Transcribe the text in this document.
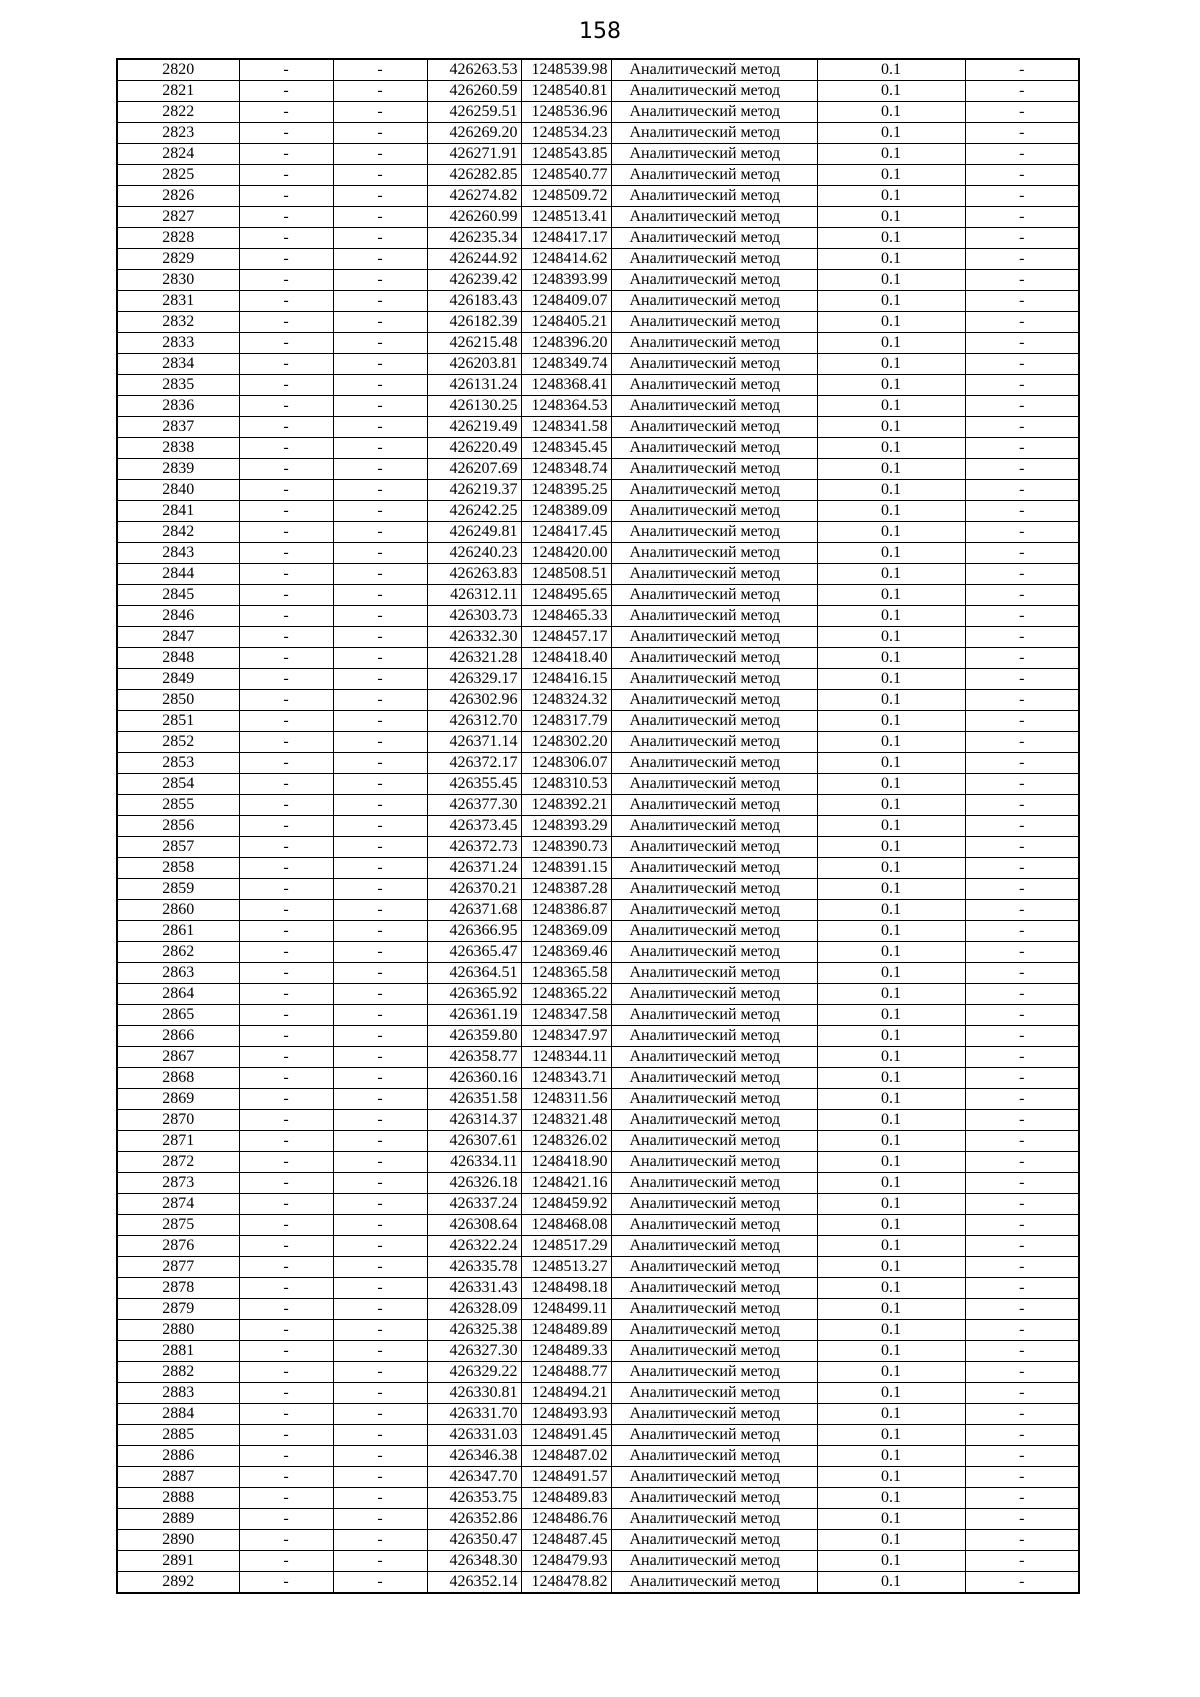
158
2820	-	-	426263.53	1248539.98	Аналитический метод	0.1	-
2821	-	-	426260.59	1248540.81	Аналитический метод	0.1	-
2822	-	-	426259.51	1248536.96	Аналитический метод	0.1	-
2823	-	-	426269.20	1248534.23	Аналитический метод	0.1	-
2824	-	-	426271.91	1248543.85	Аналитический метод	0.1	-
2825	-	-	426282.85	1248540.77	Аналитический метод	0.1	-
2826	-	-	426274.82	1248509.72	Аналитический метод	0.1	-
2827	-	-	426260.99	1248513.41	Аналитический метод	0.1	-
2828	-	-	426235.34	1248417.17	Аналитический метод	0.1	-
2829	-	-	426244.92	1248414.62	Аналитический метод	0.1	-
2830	-	-	426239.42	1248393.99	Аналитический метод	0.1	-
2831	-	-	426183.43	1248409.07	Аналитический метод	0.1	-
2832	-	-	426182.39	1248405.21	Аналитический метод	0.1	-
2833	-	-	426215.48	1248396.20	Аналитический метод	0.1	-
2834	-	-	426203.81	1248349.74	Аналитический метод	0.1	-
2835	-	-	426131.24	1248368.41	Аналитический метод	0.1	-
2836	-	-	426130.25	1248364.53	Аналитический метод	0.1	-
2837	-	-	426219.49	1248341.58	Аналитический метод	0.1	-
2838	-	-	426220.49	1248345.45	Аналитический метод	0.1	-
2839	-	-	426207.69	1248348.74	Аналитический метод	0.1	-
2840	-	-	426219.37	1248395.25	Аналитический метод	0.1	-
2841	-	-	426242.25	1248389.09	Аналитический метод	0.1	-
2842	-	-	426249.81	1248417.45	Аналитический метод	0.1	-
2843	-	-	426240.23	1248420.00	Аналитический метод	0.1	-
2844	-	-	426263.83	1248508.51	Аналитический метод	0.1	-
2845	-	-	426312.11	1248495.65	Аналитический метод	0.1	-
2846	-	-	426303.73	1248465.33	Аналитический метод	0.1	-
2847	-	-	426332.30	1248457.17	Аналитический метод	0.1	-
2848	-	-	426321.28	1248418.40	Аналитический метод	0.1	-
2849	-	-	426329.17	1248416.15	Аналитический метод	0.1	-
2850	-	-	426302.96	1248324.32	Аналитический метод	0.1	-
2851	-	-	426312.70	1248317.79	Аналитический метод	0.1	-
2852	-	-	426371.14	1248302.20	Аналитический метод	0.1	-
2853	-	-	426372.17	1248306.07	Аналитический метод	0.1	-
2854	-	-	426355.45	1248310.53	Аналитический метод	0.1	-
2855	-	-	426377.30	1248392.21	Аналитический метод	0.1	-
2856	-	-	426373.45	1248393.29	Аналитический метод	0.1	-
2857	-	-	426372.73	1248390.73	Аналитический метод	0.1	-
2858	-	-	426371.24	1248391.15	Аналитический метод	0.1	-
2859	-	-	426370.21	1248387.28	Аналитический метод	0.1	-
2860	-	-	426371.68	1248386.87	Аналитический метод	0.1	-
2861	-	-	426366.95	1248369.09	Аналитический метод	0.1	-
2862	-	-	426365.47	1248369.46	Аналитический метод	0.1	-
2863	-	-	426364.51	1248365.58	Аналитический метод	0.1	-
2864	-	-	426365.92	1248365.22	Аналитический метод	0.1	-
2865	-	-	426361.19	1248347.58	Аналитический метод	0.1	-
2866	-	-	426359.80	1248347.97	Аналитический метод	0.1	-
2867	-	-	426358.77	1248344.11	Аналитический метод	0.1	-
2868	-	-	426360.16	1248343.71	Аналитический метод	0.1	-
2869	-	-	426351.58	1248311.56	Аналитический метод	0.1	-
2870	-	-	426314.37	1248321.48	Аналитический метод	0.1	-
2871	-	-	426307.61	1248326.02	Аналитический метод	0.1	-
2872	-	-	426334.11	1248418.90	Аналитический метод	0.1	-
2873	-	-	426326.18	1248421.16	Аналитический метод	0.1	-
2874	-	-	426337.24	1248459.92	Аналитический метод	0.1	-
2875	-	-	426308.64	1248468.08	Аналитический метод	0.1	-
2876	-	-	426322.24	1248517.29	Аналитический метод	0.1	-
2877	-	-	426335.78	1248513.27	Аналитический метод	0.1	-
2878	-	-	426331.43	1248498.18	Аналитический метод	0.1	-
2879	-	-	426328.09	1248499.11	Аналитический метод	0.1	-
2880	-	-	426325.38	1248489.89	Аналитический метод	0.1	-
2881	-	-	426327.30	1248489.33	Аналитический метод	0.1	-
2882	-	-	426329.22	1248488.77	Аналитический метод	0.1	-
2883	-	-	426330.81	1248494.21	Аналитический метод	0.1	-
2884	-	-	426331.70	1248493.93	Аналитический метод	0.1	-
2885	-	-	426331.03	1248491.45	Аналитический метод	0.1	-
2886	-	-	426346.38	1248487.02	Аналитический метод	0.1	-
2887	-	-	426347.70	1248491.57	Аналитический метод	0.1	-
2888	-	-	426353.75	1248489.83	Аналитический метод	0.1	-
2889	-	-	426352.86	1248486.76	Аналитический метод	0.1	-
2890	-	-	426350.47	1248487.45	Аналитический метод	0.1	-
2891	-	-	426348.30	1248479.93	Аналитический метод	0.1	-
2892	-	-	426352.14	1248478.82	Аналитический метод	0.1	-
